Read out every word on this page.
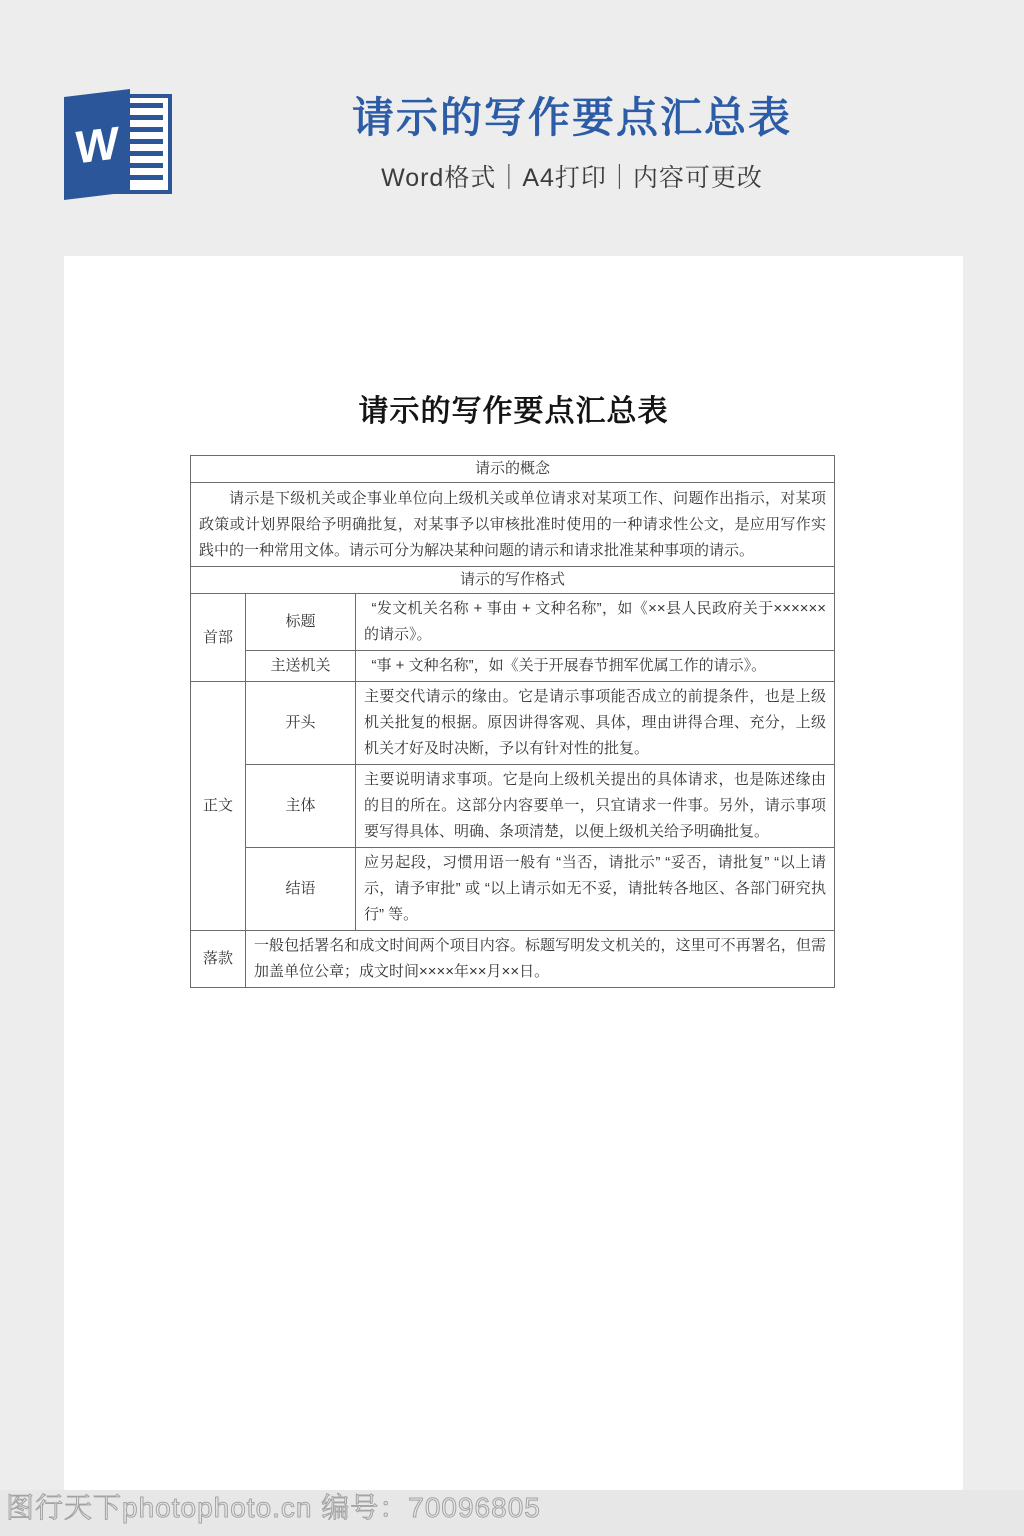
W	请示的写作要点汇总表
Word格式｜A4打印｜内容可更改
请示的写作要点汇总表
请示的概念		
请示是下级机关或企事业单位向上级机关或单位请求对某项工作、问题作出指示，对某项政策或计划界限给予明确批复，对某事予以审核批准时使用的一种请求性公文，是应用写作实践中的一种常用文体。请示可分为解决某种问题的请示和请求批准某种事项的请示。		
请示的写作格式		
首部	标题	“发文机关名称 + 事由 + 文种名称”，如《××县人民政府关于××××××的请示》。
	主送机关	“事 + 文种名称”，如《关于开展春节拥军优属工作的请示》。
正文	开头	主要交代请示的缘由。它是请示事项能否成立的前提条件，也是上级机关批复的根据。原因讲得客观、具体，理由讲得合理、充分，上级机关才好及时决断，予以有针对性的批复。
	主体	主要说明请求事项。它是向上级机关提出的具体请求，也是陈述缘由的目的所在。这部分内容要单一，只宜请求一件事。另外，请示事项要写得具体、明确、条项清楚，以便上级机关给予明确批复。
	结语	应另起段，习惯用语一般有 “当否，请批示” “妥否，请批复” “以上请示，请予审批” 或 “以上请示如无不妥，请批转各地区、各部门研究执行” 等。
落款	一般包括署名和成文时间两个项目内容。标题写明发文机关的，这里可不再署名，但需加盖单位公章；成文时间××××年××月××日。	
图行天下photophoto.cn 编号：70096805
